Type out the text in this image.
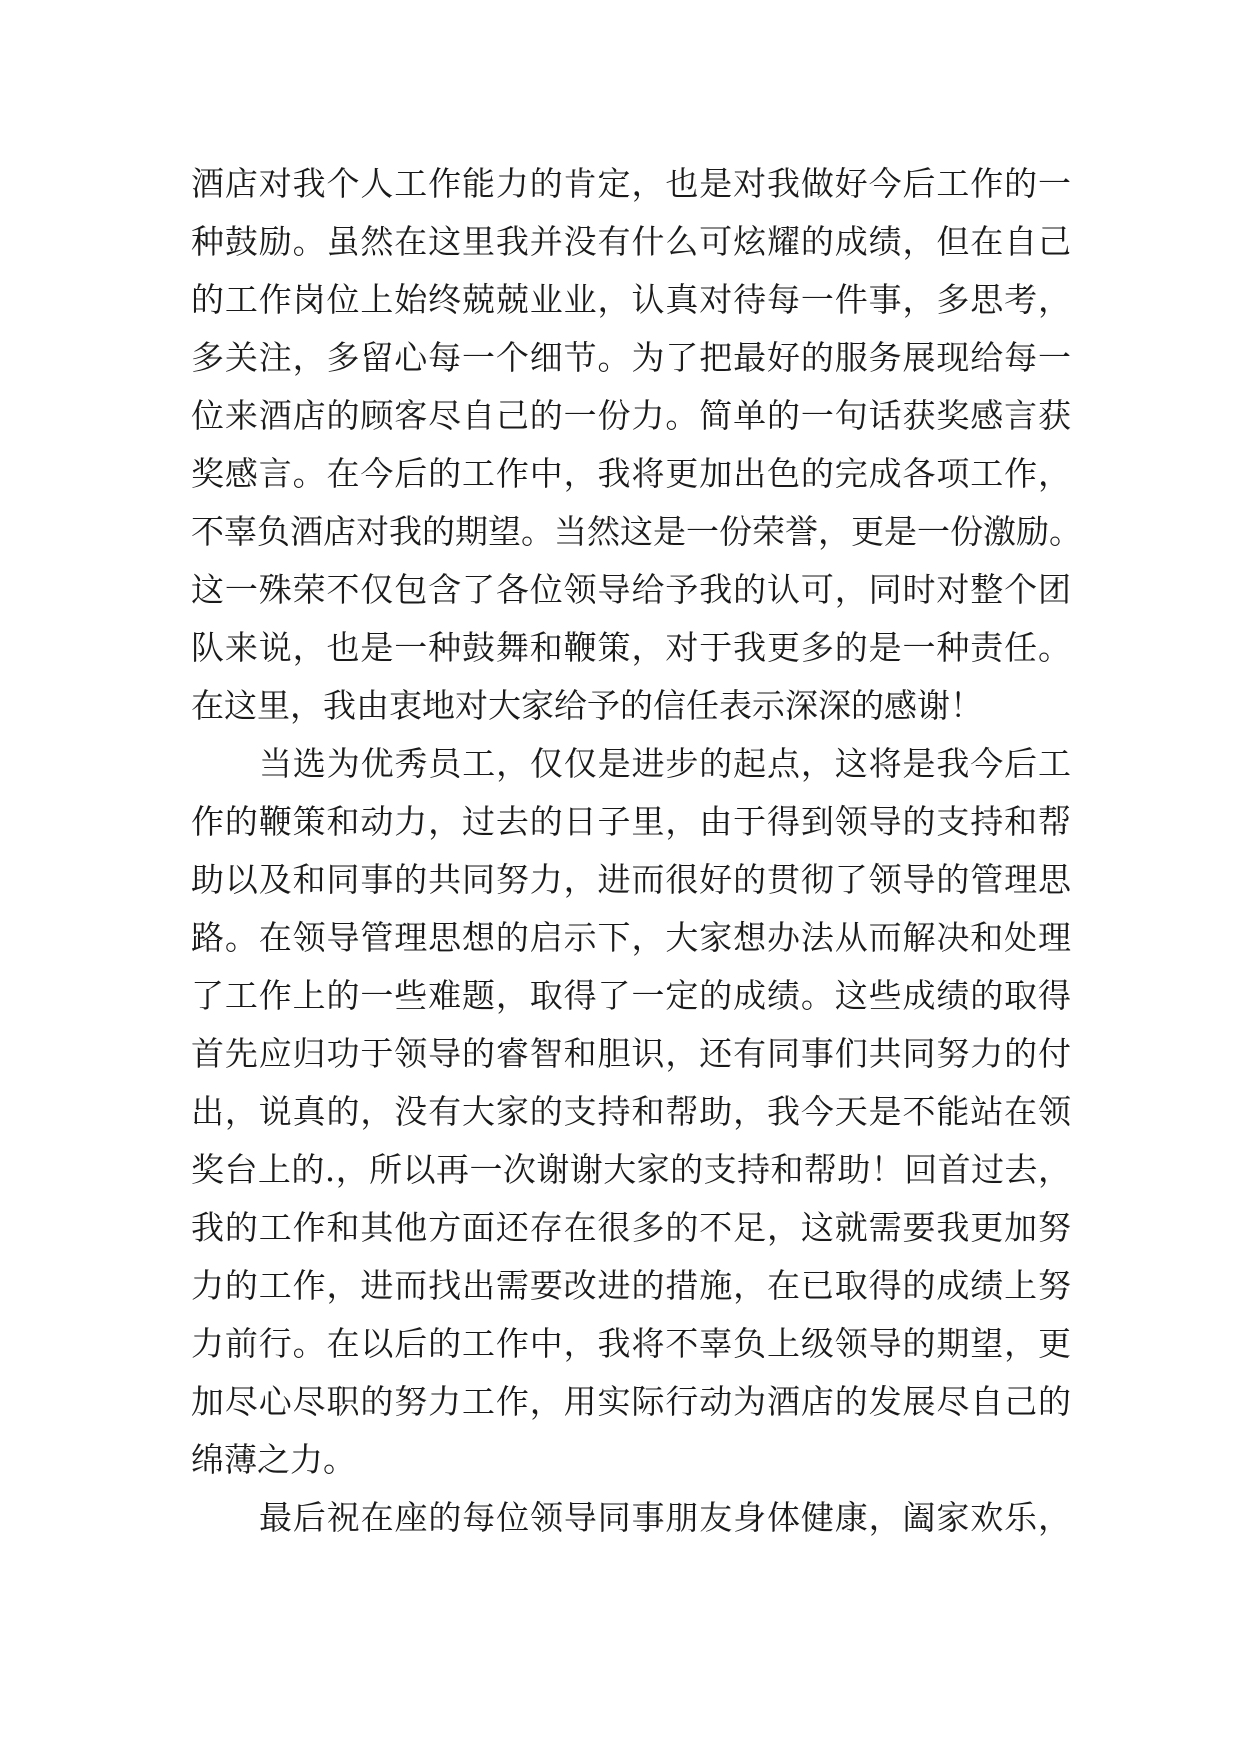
酒店对我个人工作能力的肯定，也是对我做好今后工作的一
种鼓励。虽然在这里我并没有什么可炫耀的成绩，但在自己
的工作岗位上始终兢兢业业，认真对待每一件事，多思考，
多关注，多留心每一个细节。为了把最好的服务展现给每一
位来酒店的顾客尽自己的一份力。简单的一句话获奖感言获
奖感言。在今后的工作中，我将更加出色的完成各项工作，
不辜负酒店对我的期望。当然这是一份荣誉，更是一份激励。
这一殊荣不仅包含了各位领导给予我的认可，同时对整个团
队来说，也是一种鼓舞和鞭策，对于我更多的是一种责任。
在这里，我由衷地对大家给予的信任表示深深的感谢！
当选为优秀员工，仅仅是进步的起点，这将是我今后工
作的鞭策和动力，过去的日子里，由于得到领导的支持和帮
助以及和同事的共同努力，进而很好的贯彻了领导的管理思
路。在领导管理思想的启示下，大家想办法从而解决和处理
了工作上的一些难题，取得了一定的成绩。这些成绩的取得
首先应归功于领导的睿智和胆识，还有同事们共同努力的付
出，说真的，没有大家的支持和帮助，我今天是不能站在领
奖台上的.，所以再一次谢谢大家的支持和帮助！回首过去，
我的工作和其他方面还存在很多的不足，这就需要我更加努
力的工作，进而找出需要改进的措施，在已取得的成绩上努
力前行。在以后的工作中，我将不辜负上级领导的期望，更
加尽心尽职的努力工作，用实际行动为酒店的发展尽自己的
绵薄之力。
最后祝在座的每位领导同事朋友身体健康，阖家欢乐，
